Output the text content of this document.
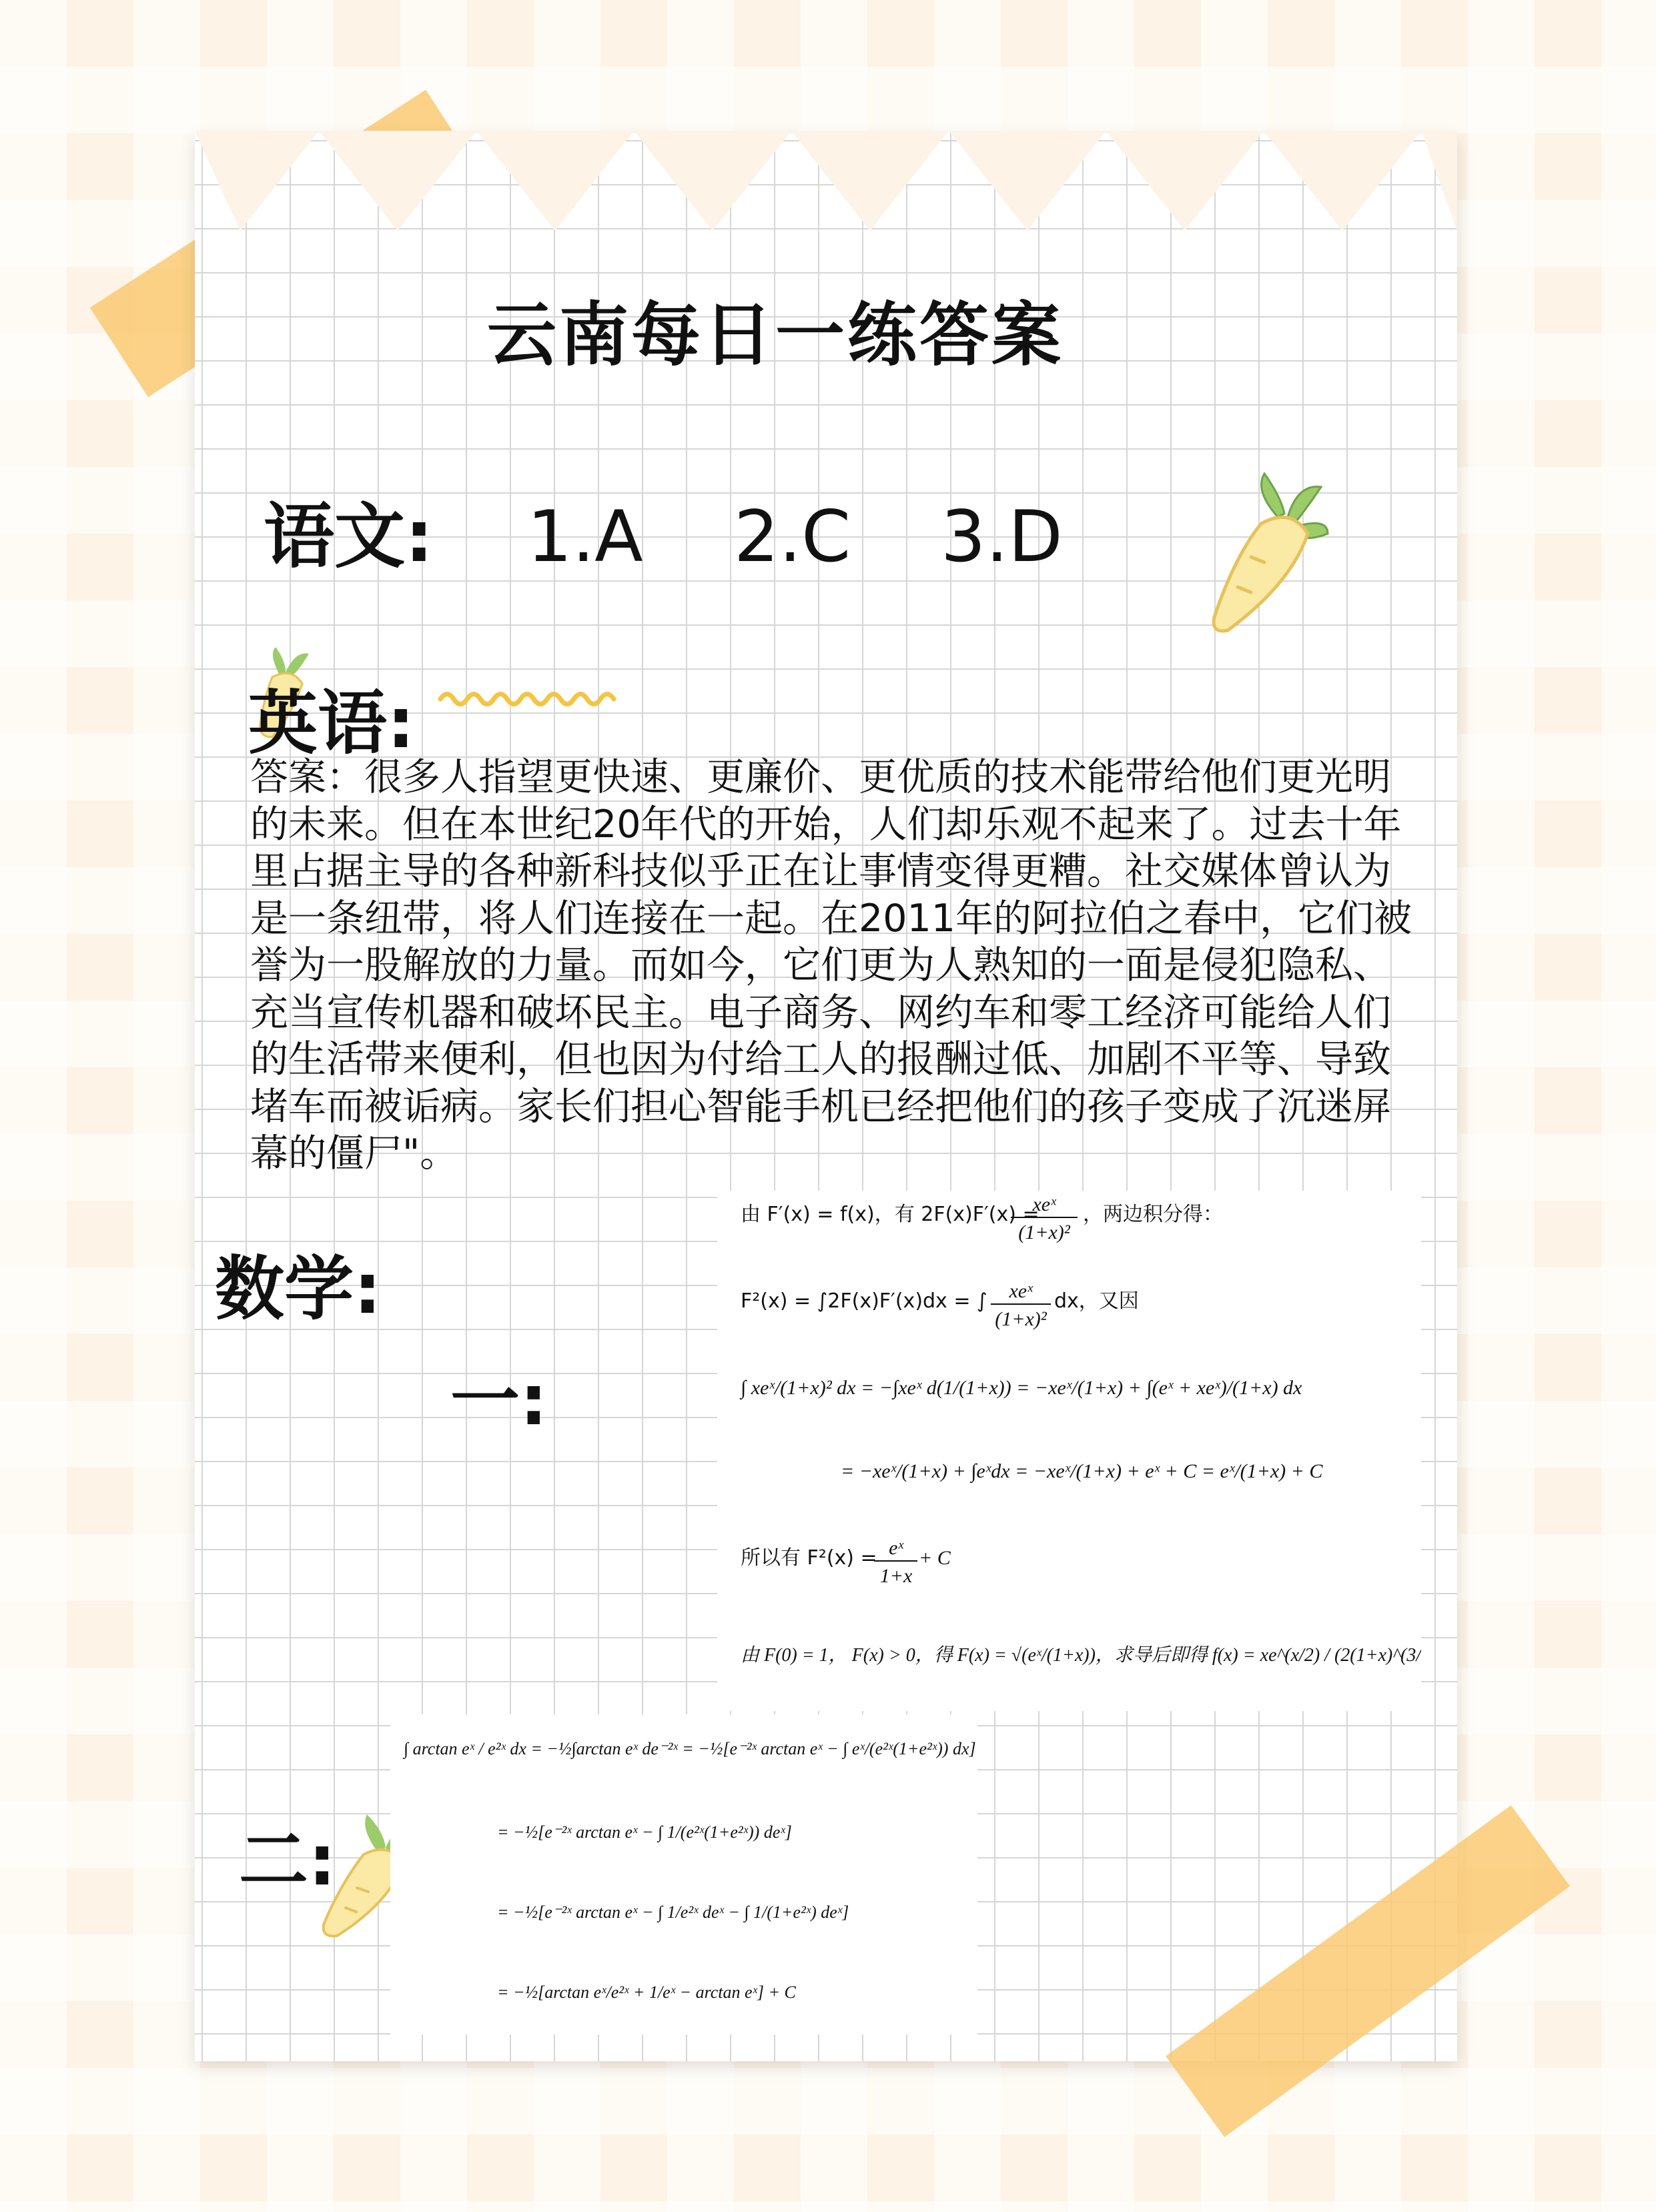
云南每日一练答案
语文: 1.A 2.C 3.D
英语:

答案：很多人指望更快速、更廉价、更优质的技术能带给他们更光明
的未来。但在本世纪20年代的开始，人们却乐观不起来了。过去十年
里占据主导的各种新科技似乎正在让事情变得更糟。社交媒体曾认为
是一条纽带，将人们连接在一起。在2011年的阿拉伯之春中，它们被
誉为一股解放的力量。而如今，它们更为人熟知的一面是侵犯隐私、
充当宣传机器和破坏民主。电子商务、网约车和零工经济可能给人们
的生活带来便利，但也因为付给工人的报酬过低、加剧不平等、导致
堵车而被诟病。家长们担心智能手机已经把他们的孩子变成了沉迷屏
幕的僵尸"。

数学:
一:
二:
由 F′(x) = f(x)，有 2F(x)F′(x) =
xeˣ
(1+x)²
，两边积分得：
F²(x) = ∫2F(x)F′(x)dx = ∫ xeˣ
(1+x)²
dx，又因
∫ xeˣ/(1+x)² dx = −∫xeˣ d(1/(1+x)) = −xeˣ/(1+x) + ∫(eˣ + xeˣ)/(1+x) dx
= −xeˣ/(1+x) + ∫eˣdx = −xeˣ/(1+x) + eˣ + C = eˣ/(1+x) + C
所以有 F²(x) = eˣ
1+x
+ C
由 F(0) = 1， F(x) > 0，得 F(x) = √(eˣ/(1+x))，求导后即得 f(x) = xe^(x/2) / (2(1+x)^(3/2))
∫ arctan eˣ / e²ˣ dx = −½∫arctan eˣ de⁻²ˣ = −½[e⁻²ˣ arctan eˣ − ∫ eˣ/(e²ˣ(1+e²ˣ)) dx]
= −½[e⁻²ˣ arctan eˣ − ∫ 1/(e²ˣ(1+e²ˣ)) deˣ]
= −½[e⁻²ˣ arctan eˣ − ∫ 1/e²ˣ deˣ − ∫ 1/(1+e²ˣ) deˣ]
= −½[arctan eˣ/e²ˣ + 1/eˣ − arctan eˣ] + C
